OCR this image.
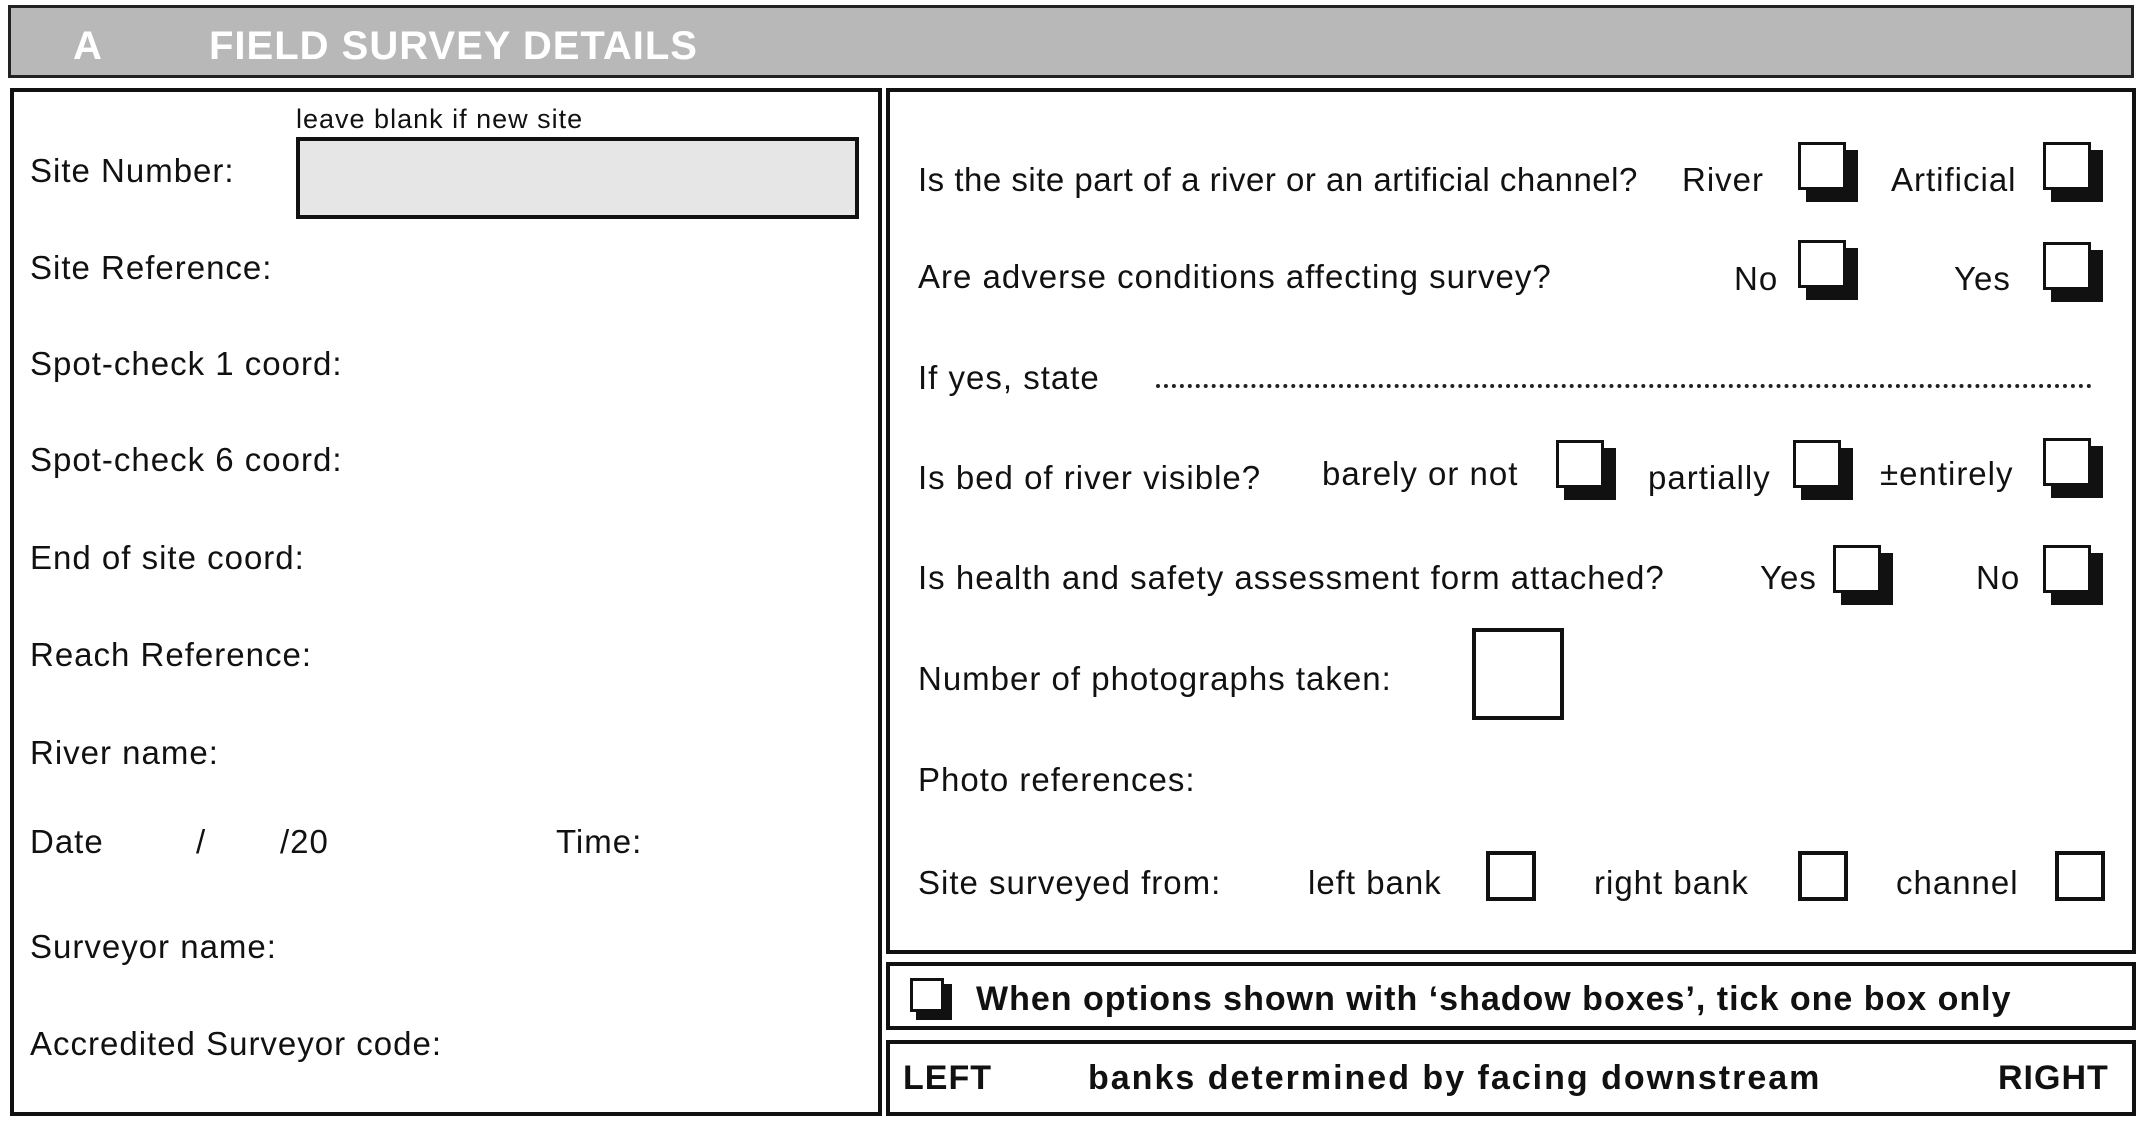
A	FIELD SURVEY DETAILS
leave blank if new site
Site Number:
Site Reference:
Spot-check 1 coord:
Spot-check 6 coord:
End of site coord:
Reach Reference:
River name:
Date	/ /20	Time:
Surveyor name:
Accredited Surveyor code:
Is the site part of a river or an artificial channel? River	Artificial
Are adverse conditions affecting survey?	No	Yes
If yes, state
Is bed of river visible? barely or not	partially	±entirely
Is health and safety assessment form attached?	Yes	No
Number of photographs taken:
Photo references:
Site surveyed from:	left bank	right bank	channel
When options shown with ‘shadow boxes’, tick one box only
LEFT	banks determined by facing downstream	RIGHT
